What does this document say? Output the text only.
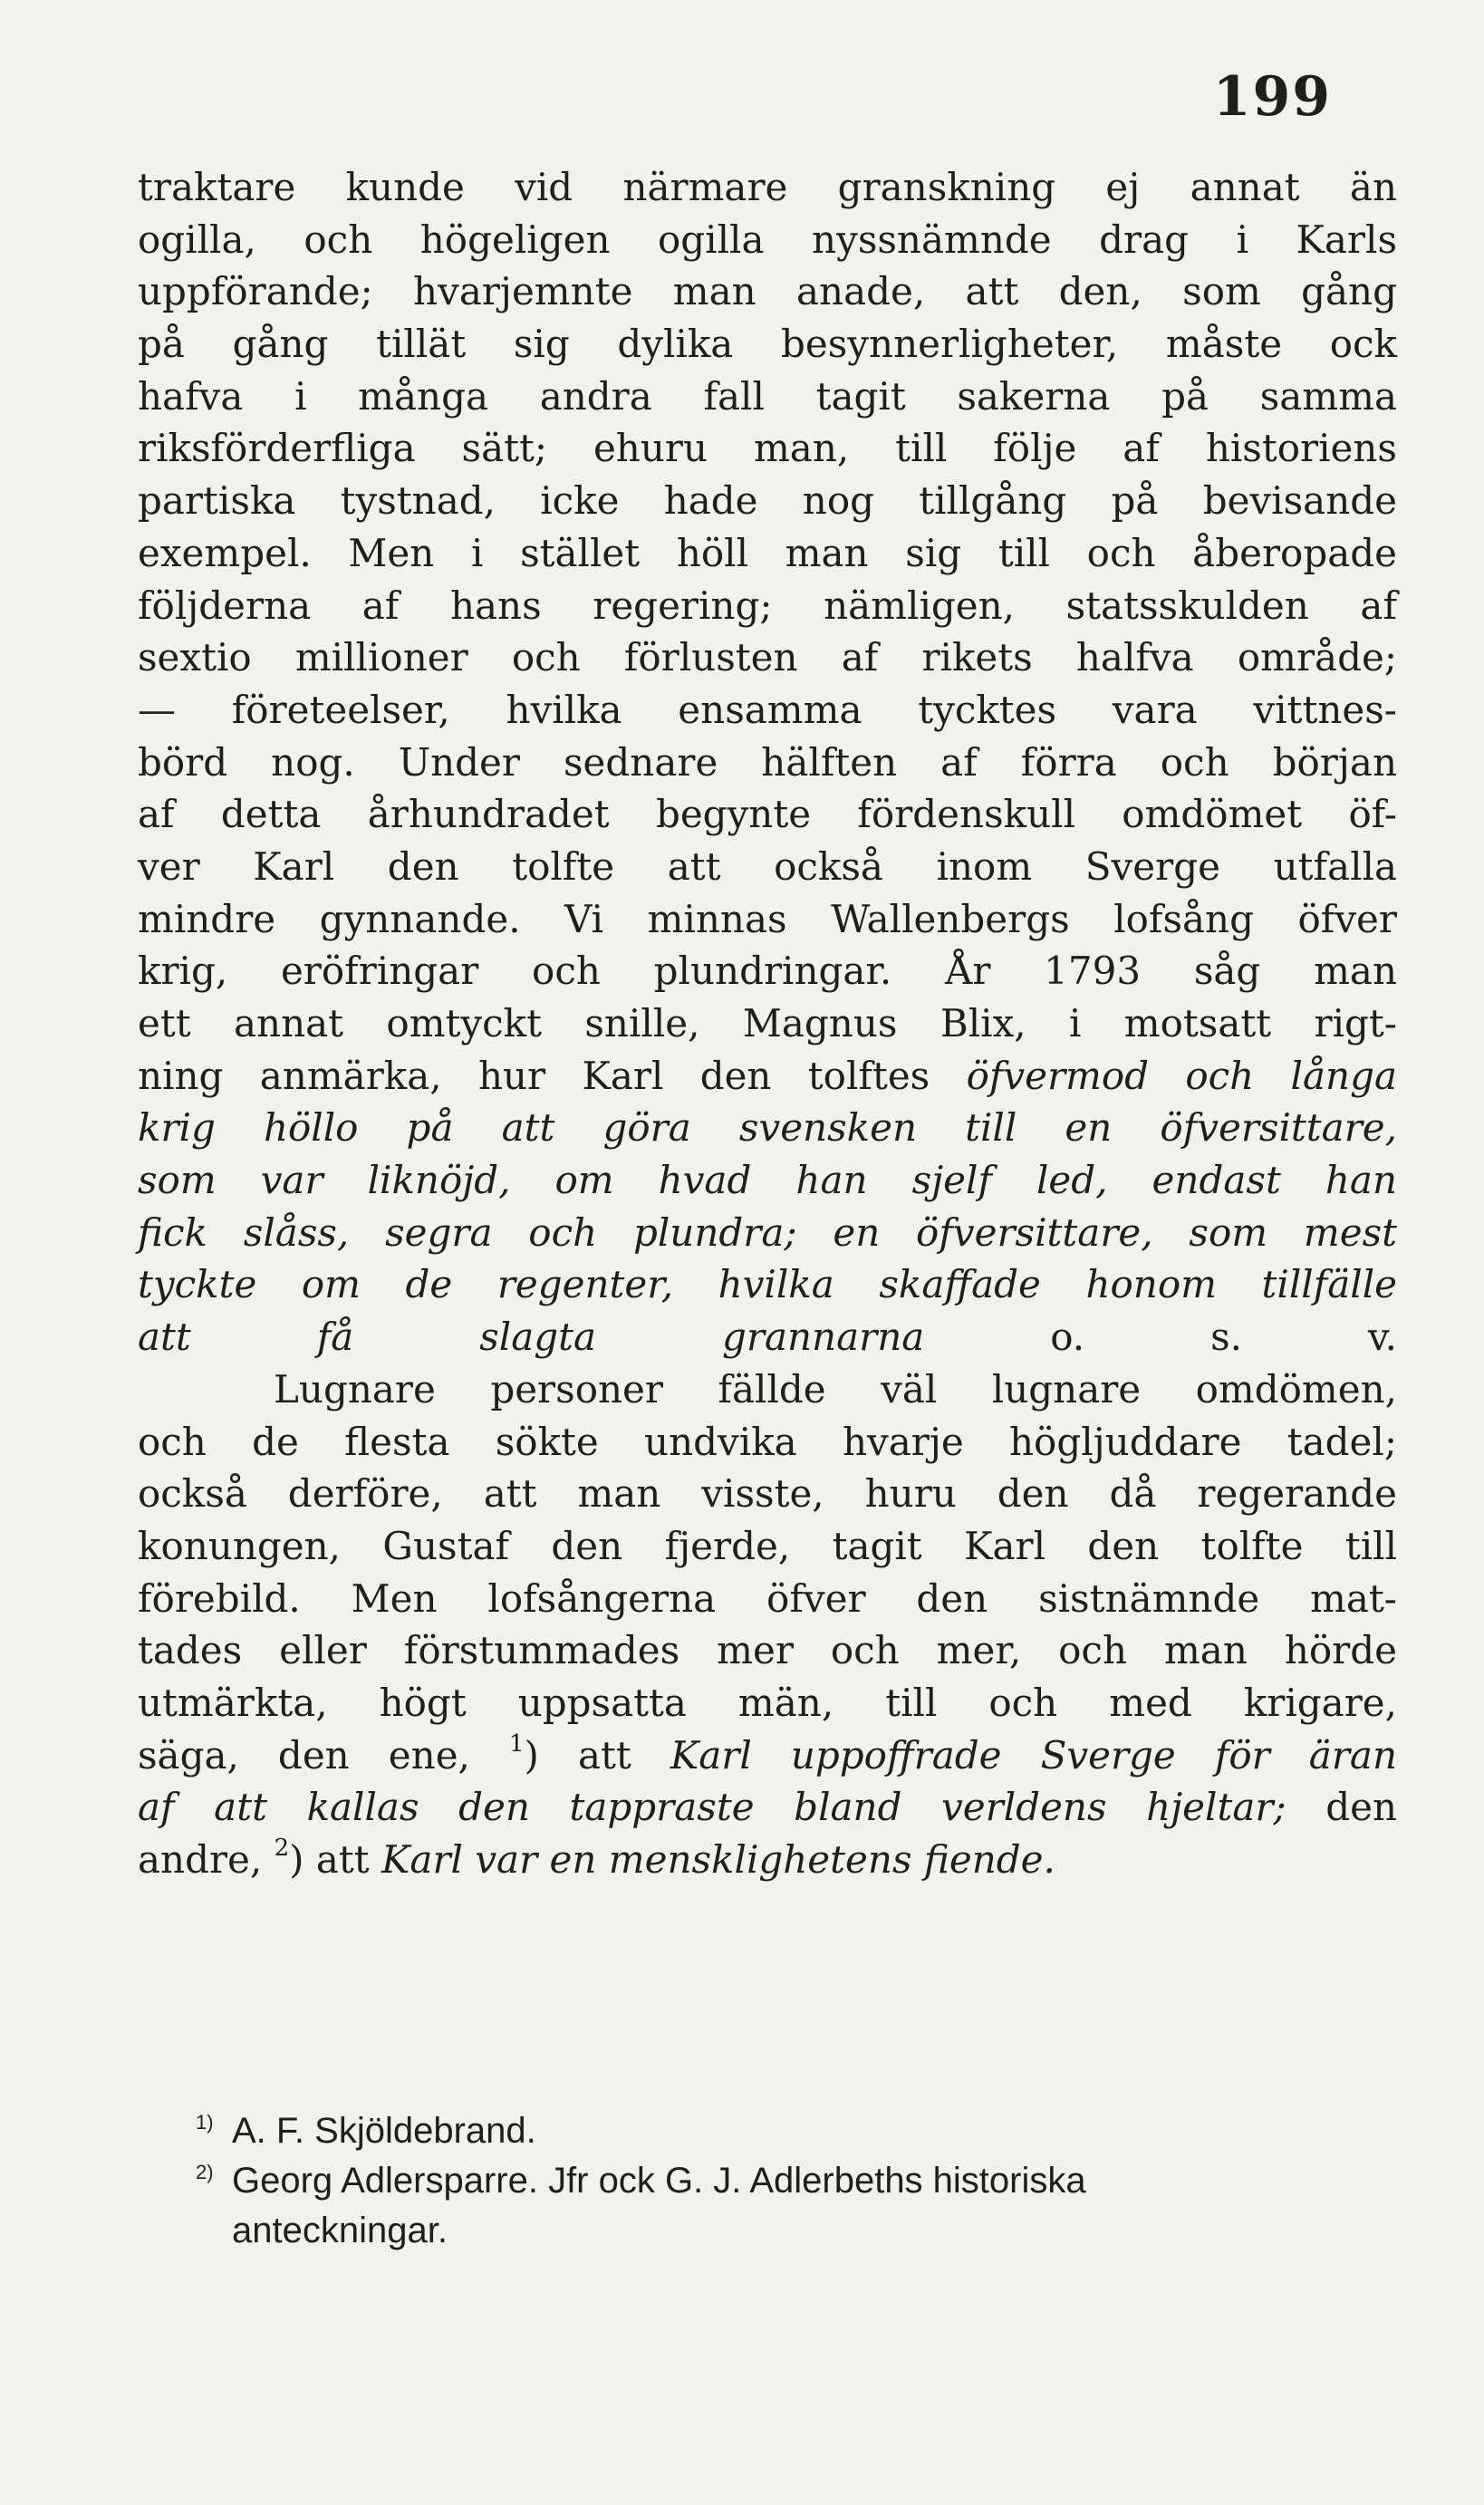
199
traktare kunde vid närmare granskning ej annat än
ogilla, och högeligen ogilla nyssnämnde drag i Karls
uppförande; hvarjemnte man anade, att den, som gång
på gång tillät sig dylika besynnerligheter, måste ock
hafva i många andra fall tagit sakerna på samma
riksförderfliga sätt; ehuru man, till följe af historiens
partiska tystnad, icke hade nog tillgång på bevisande
exempel. Men i stället höll man sig till och åberopade
följderna af hans regering; nämligen, statsskulden af
sextio millioner och förlusten af rikets halfva område;
— företeelser, hvilka ensamma tycktes vara vittnes-
börd nog. Under sednare hälften af förra och början
af detta århundradet begynte fördenskull omdömet öf-
ver Karl den tolfte att också inom Sverge utfalla
mindre gynnande. Vi minnas Wallenbergs lofsång öfver
krig, eröfringar och plundringar. År 1793 såg man
ett annat omtyckt snille, Magnus Blix, i motsatt rigt-
ning anmärka, hur Karl den tolftes öfvermod och långa
krig höllo på att göra svensken till en öfversittare,
som var liknöjd, om hvad han sjelf led, endast han
fick slåss, segra och plundra; en öfversittare, som mest
tyckte om de regenter, hvilka skaffade honom tillfälle
att få slagta grannarna o. s. v.
Lugnare personer fällde väl lugnare omdömen,
och de flesta sökte undvika hvarje högljuddare tadel;
också derföre, att man visste, huru den då regerande
konungen, Gustaf den fjerde, tagit Karl den tolfte till
förebild. Men lofsångerna öfver den sistnämnde mat-
tades eller förstummades mer och mer, och man hörde
utmärkta, högt uppsatta män, till och med krigare,
säga, den ene, $^1$) att Karl uppoffrade Sverge för äran
af att kallas den tappraste bland verldens hjeltar; den
andre, $^2$) att Karl var en mensklighetens fiende.
1) A. F. Skjöldebrand.
2) Georg Adlersparre. Jfr ock G. J. Adlerbeths historiska
anteckningar.
